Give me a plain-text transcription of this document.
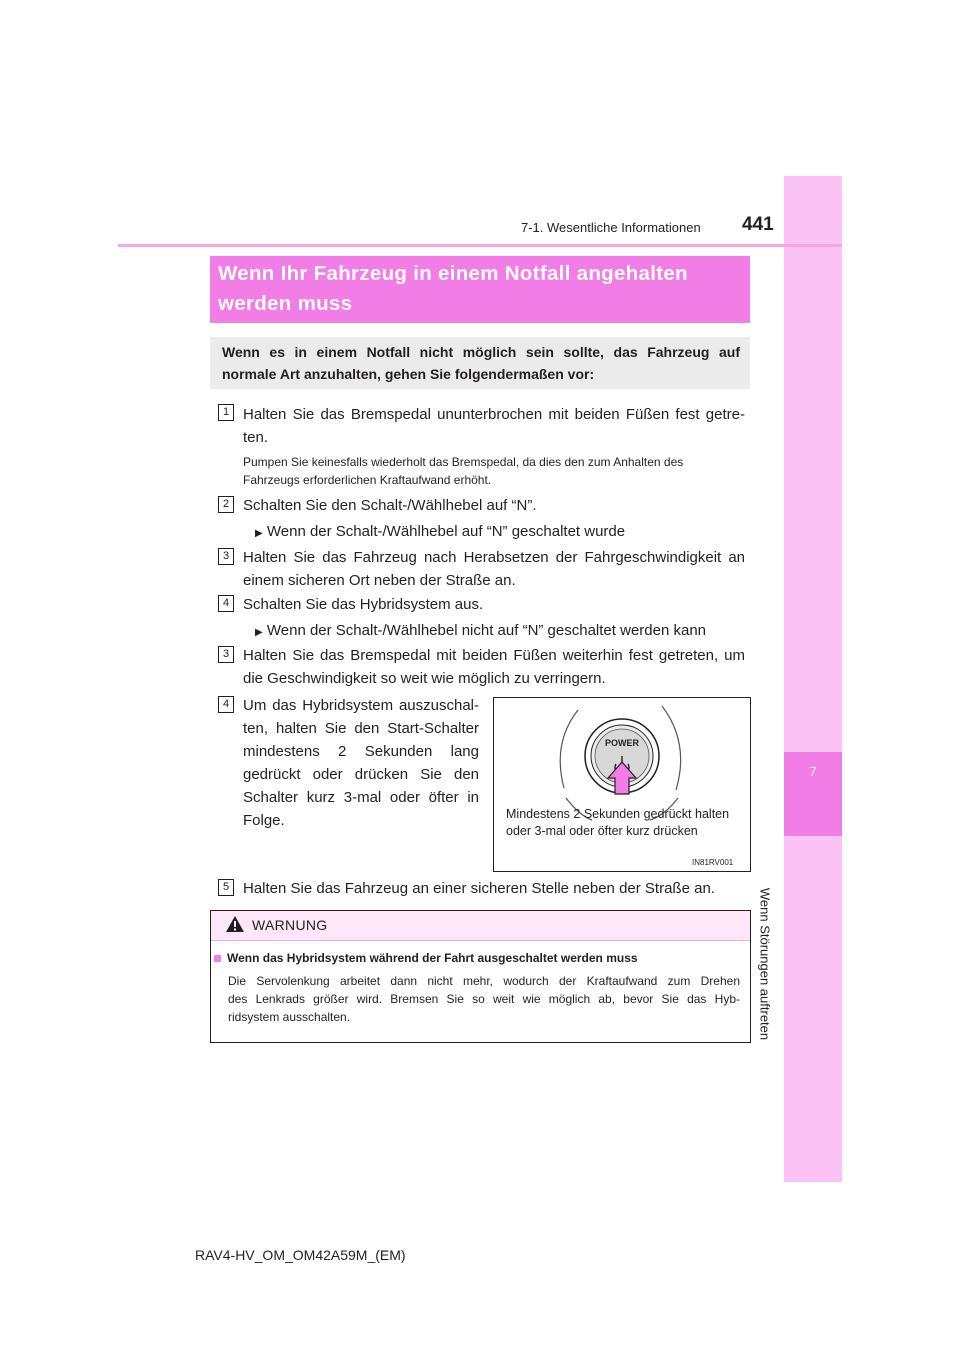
7
Wenn Störungen auftreten
7-1. Wesentliche Informationen 441
Wenn Ihr Fahrzeug in einem Notfall angehalten
werden muss
Wenn es in einem Notfall nicht möglich sein sollte, das Fahrzeug auf
normale Art anzuhalten, gehen Sie folgendermaßen vor:
1 Halten Sie das Bremspedal ununterbrochen mit beiden Füßen fest getre-
ten.
Pumpen Sie keinesfalls wiederholt das Bremspedal, da dies den zum Anhalten des
Fahrzeugs erforderlichen Kraftaufwand erhöht.
2 Schalten Sie den Schalt-/Wählhebel auf “N”.
▶ Wenn der Schalt-/Wählhebel auf “N” geschaltet wurde
3 Halten Sie das Fahrzeug nach Herabsetzen der Fahrgeschwindigkeit an
einem sicheren Ort neben der Straße an.
4 Schalten Sie das Hybridsystem aus.
▶ Wenn der Schalt-/Wählhebel nicht auf “N” geschaltet werden kann
3 Halten Sie das Bremspedal mit beiden Füßen weiterhin fest getreten, um
die Geschwindigkeit so weit wie möglich zu verringern.
4 Um das Hybridsystem auszuschal-
ten, halten Sie den Start-Schalter
mindestens 2 Sekunden lang
gedrückt oder drücken Sie den
Schalter kurz 3-mal oder öfter in
Folge.
POWER
Mindestens 2 Sekunden gedrückt halten
oder 3-mal oder öfter kurz drücken
IN81RV001
5 Halten Sie das Fahrzeug an einer sicheren Stelle neben der Straße an.
WARNUNG
Wenn das Hybridsystem während der Fahrt ausgeschaltet werden muss
Die Servolenkung arbeitet dann nicht mehr, wodurch der Kraftaufwand zum Drehen
des Lenkrads größer wird. Bremsen Sie so weit wie möglich ab, bevor Sie das Hyb-
ridsystem ausschalten.
RAV4-HV_OM_OM42A59M_(EM)
